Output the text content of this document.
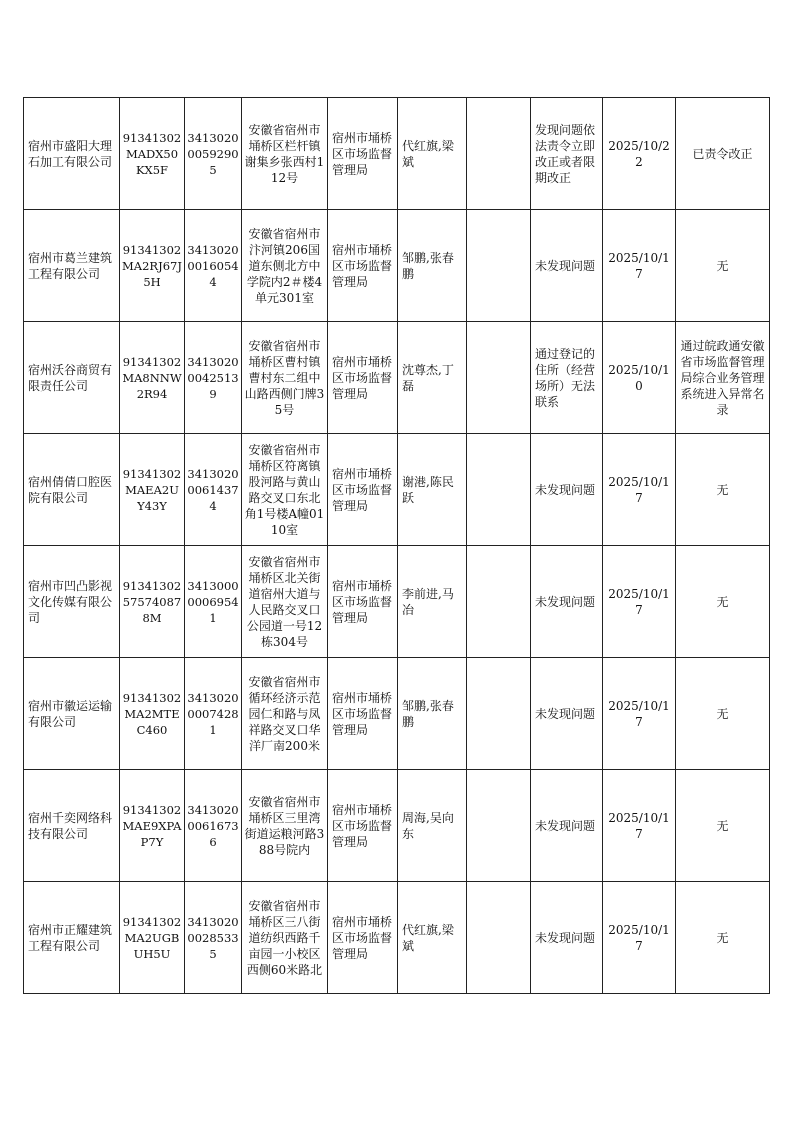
宿州市盛阳大理石加工有限公司	91341302MADX50KX5F	341302000592905	安徽省宿州市埇桥区栏杆镇谢集乡张西村112号	宿州市埇桥区市场监督管理局	代红旗,梁斌		发现问题依法责令立即改正或者限期改正	2025/10/22	已责令改正
宿州市葛兰建筑工程有限公司	91341302MA2RJ67J5H	341302000160544	安徽省宿州市汴河镇206国道东侧北方中学院内2＃楼4单元301室	宿州市埇桥区市场监督管理局	邹鹏,张春鹏		未发现问题	2025/10/17	无
宿州沃谷商贸有限责任公司	91341302MA8NNW2R94	341302000425139	安徽省宿州市埇桥区曹村镇曹村东二组中山路西侧门牌35号	宿州市埇桥区市场监督管理局	沈尊杰,丁磊		通过登记的住所（经营场所）无法联系	2025/10/10	通过皖政通安徽省市场监督管理局综合业务管理系统进入异常名录
宿州倩倩口腔医院有限公司	91341302MAEA2UY43Y	341302000614374	安徽省宿州市埇桥区符离镇股河路与黄山路交叉口东北角1号楼A幢0110室	宿州市埇桥区市场监督管理局	谢港,陈民跃		未发现问题	2025/10/17	无
宿州市凹凸影视文化传媒有限公司	91341302575740878M	341300000069541	安徽省宿州市埇桥区北关街道宿州大道与人民路交叉口公园道一号12栋304号	宿州市埇桥区市场监督管理局	李前进,马冶		未发现问题	2025/10/17	无
宿州市徽运运输有限公司	91341302MA2MTEC460	341302000074281	安徽省宿州市循环经济示范园仁和路与凤祥路交叉口华洋厂南200米	宿州市埇桥区市场监督管理局	邹鹏,张春鹏		未发现问题	2025/10/17	无
宿州千奕网络科技有限公司	91341302MAE9XPAP7Y	341302000616736	安徽省宿州市埇桥区三里湾街道运粮河路388号院内	宿州市埇桥区市场监督管理局	周海,吴向东		未发现问题	2025/10/17	无
宿州市正耀建筑工程有限公司	91341302MA2UGBUH5U	341302000285335	安徽省宿州市埇桥区三八街道纺织西路千亩园一小校区西侧60米路北	宿州市埇桥区市场监督管理局	代红旗,梁斌		未发现问题	2025/10/17	无
